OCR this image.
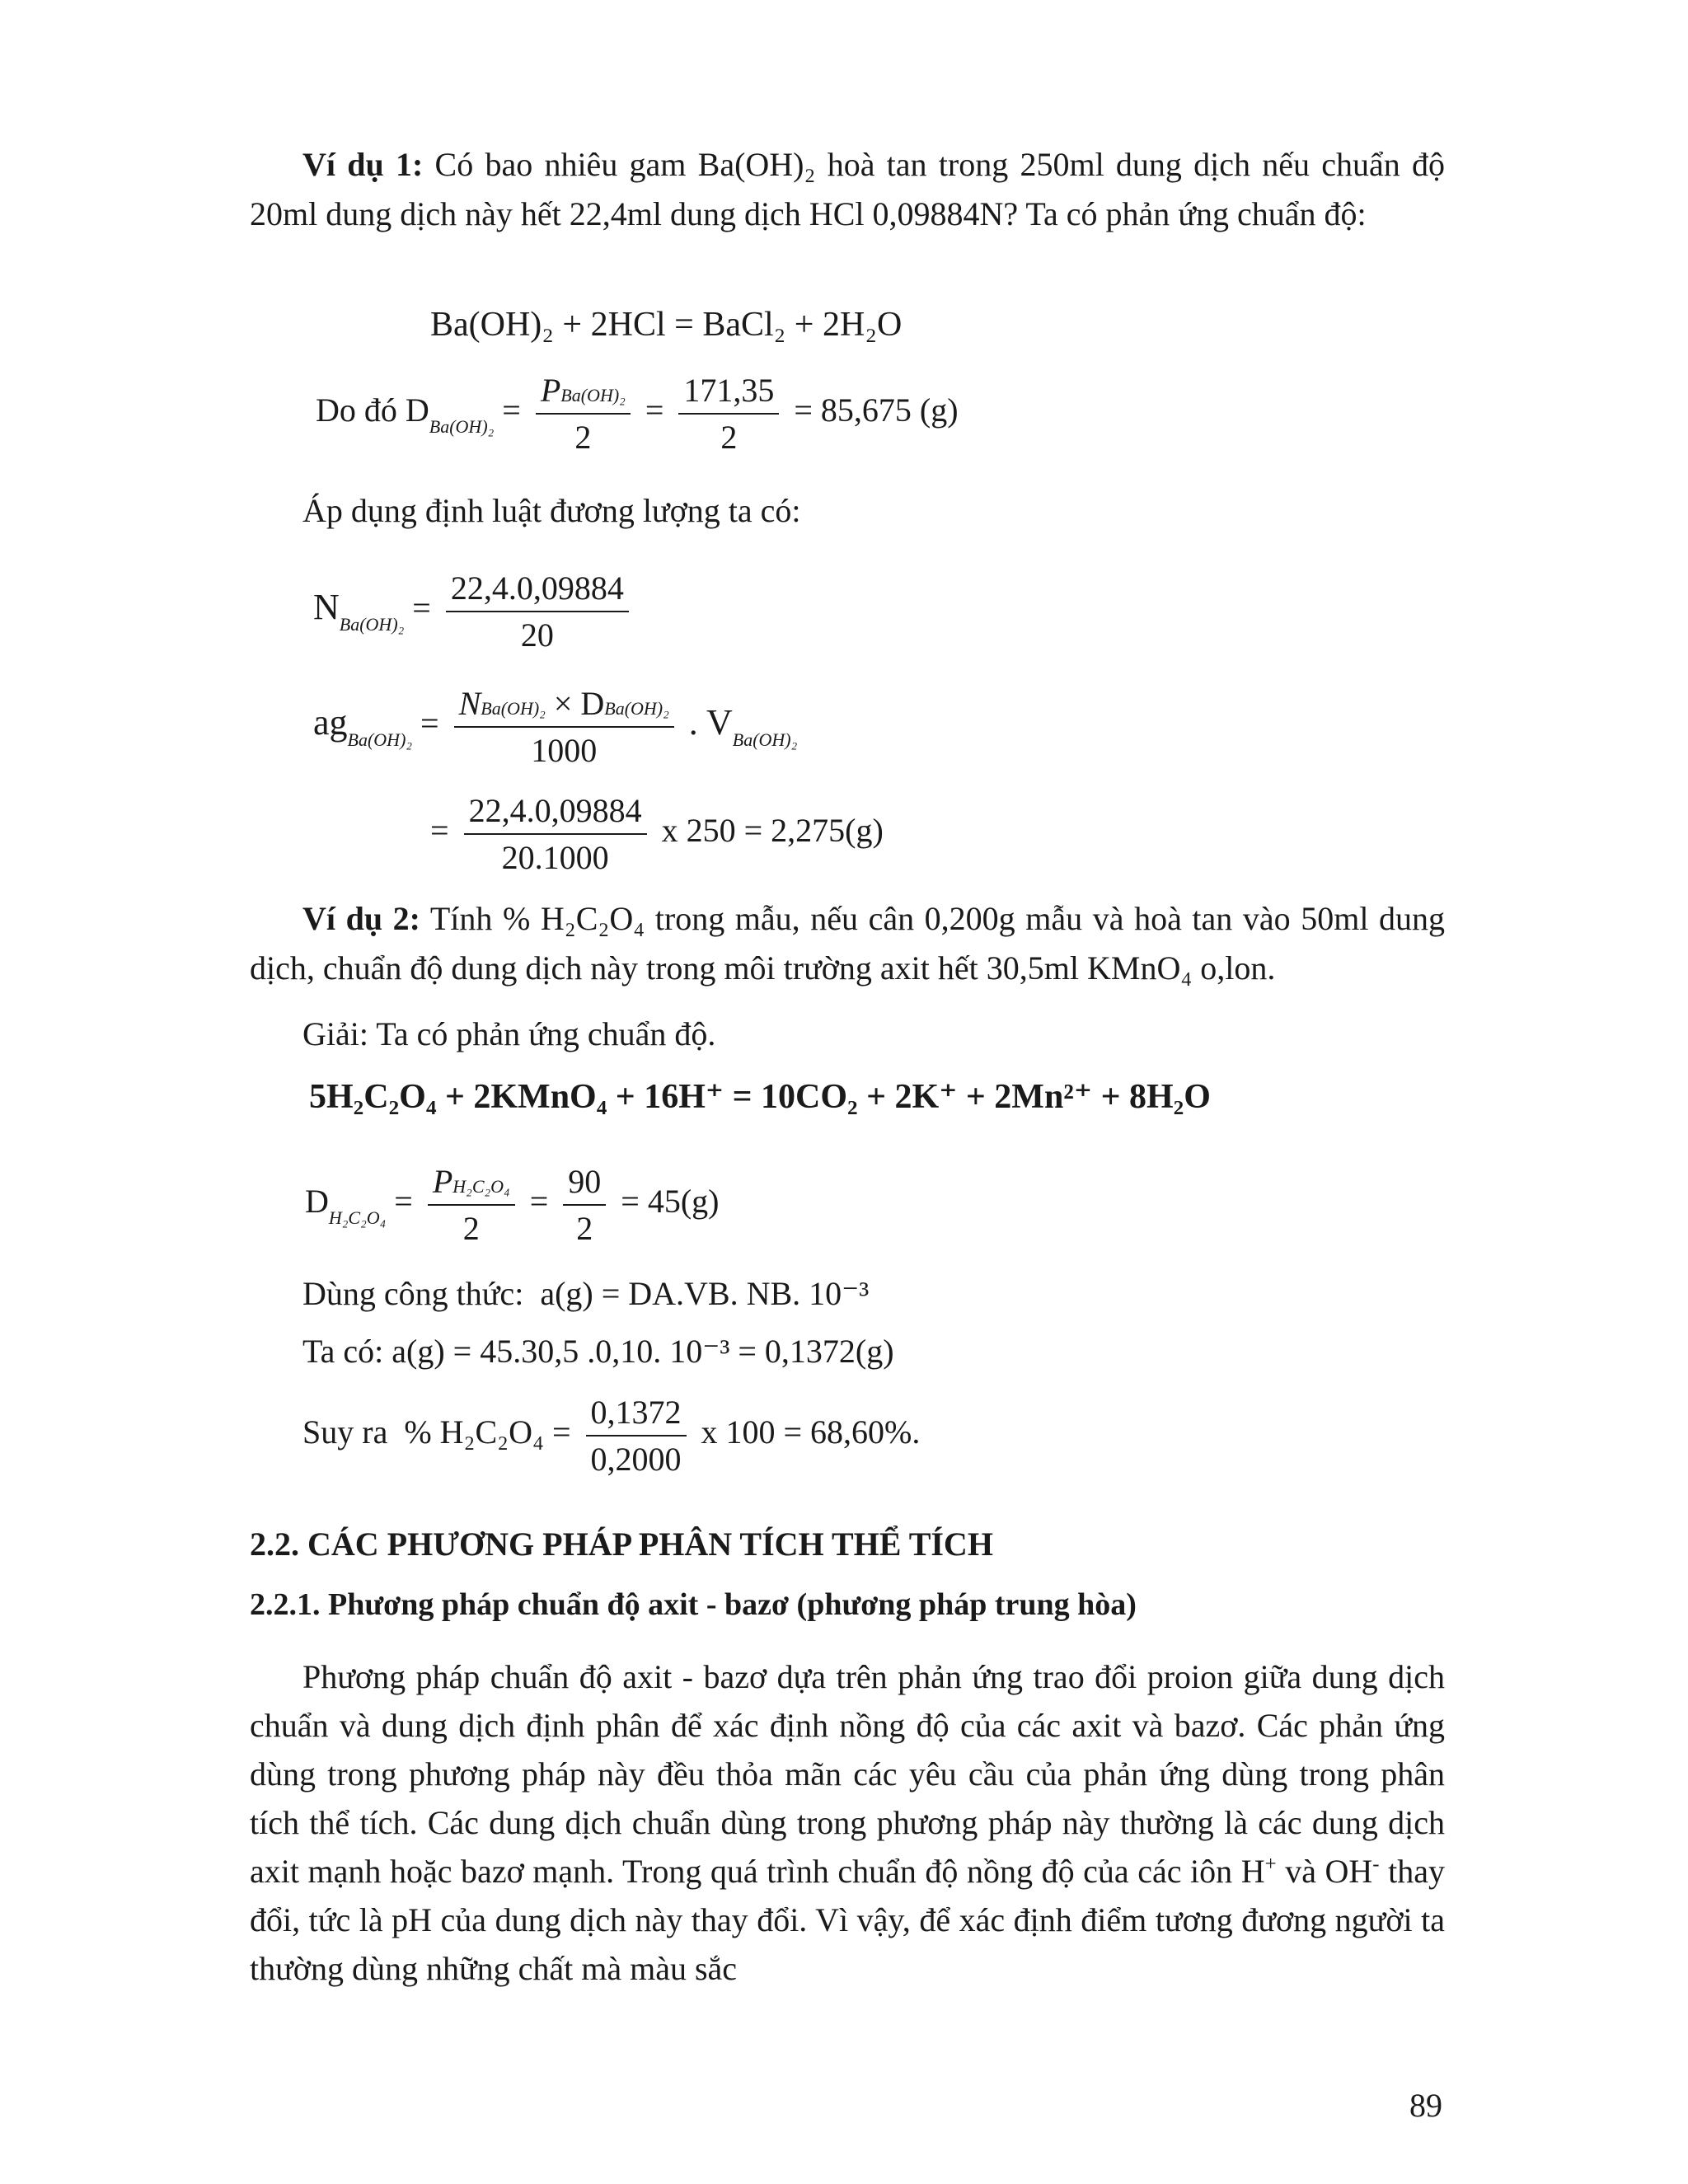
Ví dụ 1: Có bao nhiêu gam Ba(OH)₂ hoà tan trong 250ml dung dịch nếu chuẩn độ 20ml dung dịch này hết 22,4ml dung dịch HCl 0,09884N? Ta có phản ứng chuẩn độ:
Ba(OH)₂ + 2HCl = BaCl₂ + 2H₂O
Do đó $D_{Ba(OH)_2} = \frac{\text{PBa(OH)₂}}{2} = \frac{171,35}{2} = 85,675$ (g)
Áp dụng định luật đương lượng ta có:
$N_{Ba(OH)_2} = \frac{22,4.0,09884}{20}$
$ag_{Ba(OH)_2} = \frac{\text{NBa(OH)₂ × DBa(OH)₂}}{1000}$ . $V_{Ba(OH)_2}$
= $\frac{22,4.0,09884}{20.1000}$ x 250 = 2,275(g)
Ví dụ 2: Tính % H₂C₂O₄ trong mẫu, nếu cân 0,200g mẫu và hoà tan vào 50ml dung dịch, chuẩn độ dung dịch này trong môi trường axit hết 30,5ml KMnO₄ o,lon.
Giải: Ta có phản ứng chuẩn độ.
5H₂C₂O₄ + 2KMnO₄ + 16H⁺ = 10CO₂ + 2K⁺ + 2Mn²⁺ + 8H₂O
$D_{H_2C_2O_4} = \frac{\text{PH₂C₂O₄}}{2} = \frac{90}{2} = 45(g)$
Dùng công thức: a(g) = DA.VB. NB. 10⁻³
Ta có: a(g) = 45.30,5 .0,10. 10⁻³ = 0,1372(g)
Suy ra % $H_2C_2O_4 = \frac{0,1372}{0,2000}$ x 100 = 68,60%.
2.2. CÁC PHƯƠNG PHÁP PHÂN TÍCH THỂ TÍCH
2.2.1. Phương pháp chuẩn độ axit - bazơ (phương pháp trung hòa)
Phương pháp chuẩn độ axit - bazơ dựa trên phản ứng trao đổi proion giữa dung dịch chuẩn và dung dịch định phân để xác định nồng độ của các axit và bazơ. Các phản ứng dùng trong phương pháp này đều thỏa mãn các yêu cầu của phản ứng dùng trong phân tích thể tích. Các dung dịch chuẩn dùng trong phương pháp này thường là các dung dịch axit mạnh hoặc bazơ mạnh. Trong quá trình chuẩn độ nồng độ của các iôn H+ và OH- thay đổi, tức là pH của dung dịch này thay đổi. Vì vậy, để xác định điểm tương đương người ta thường dùng những chất mà màu sắc
89
